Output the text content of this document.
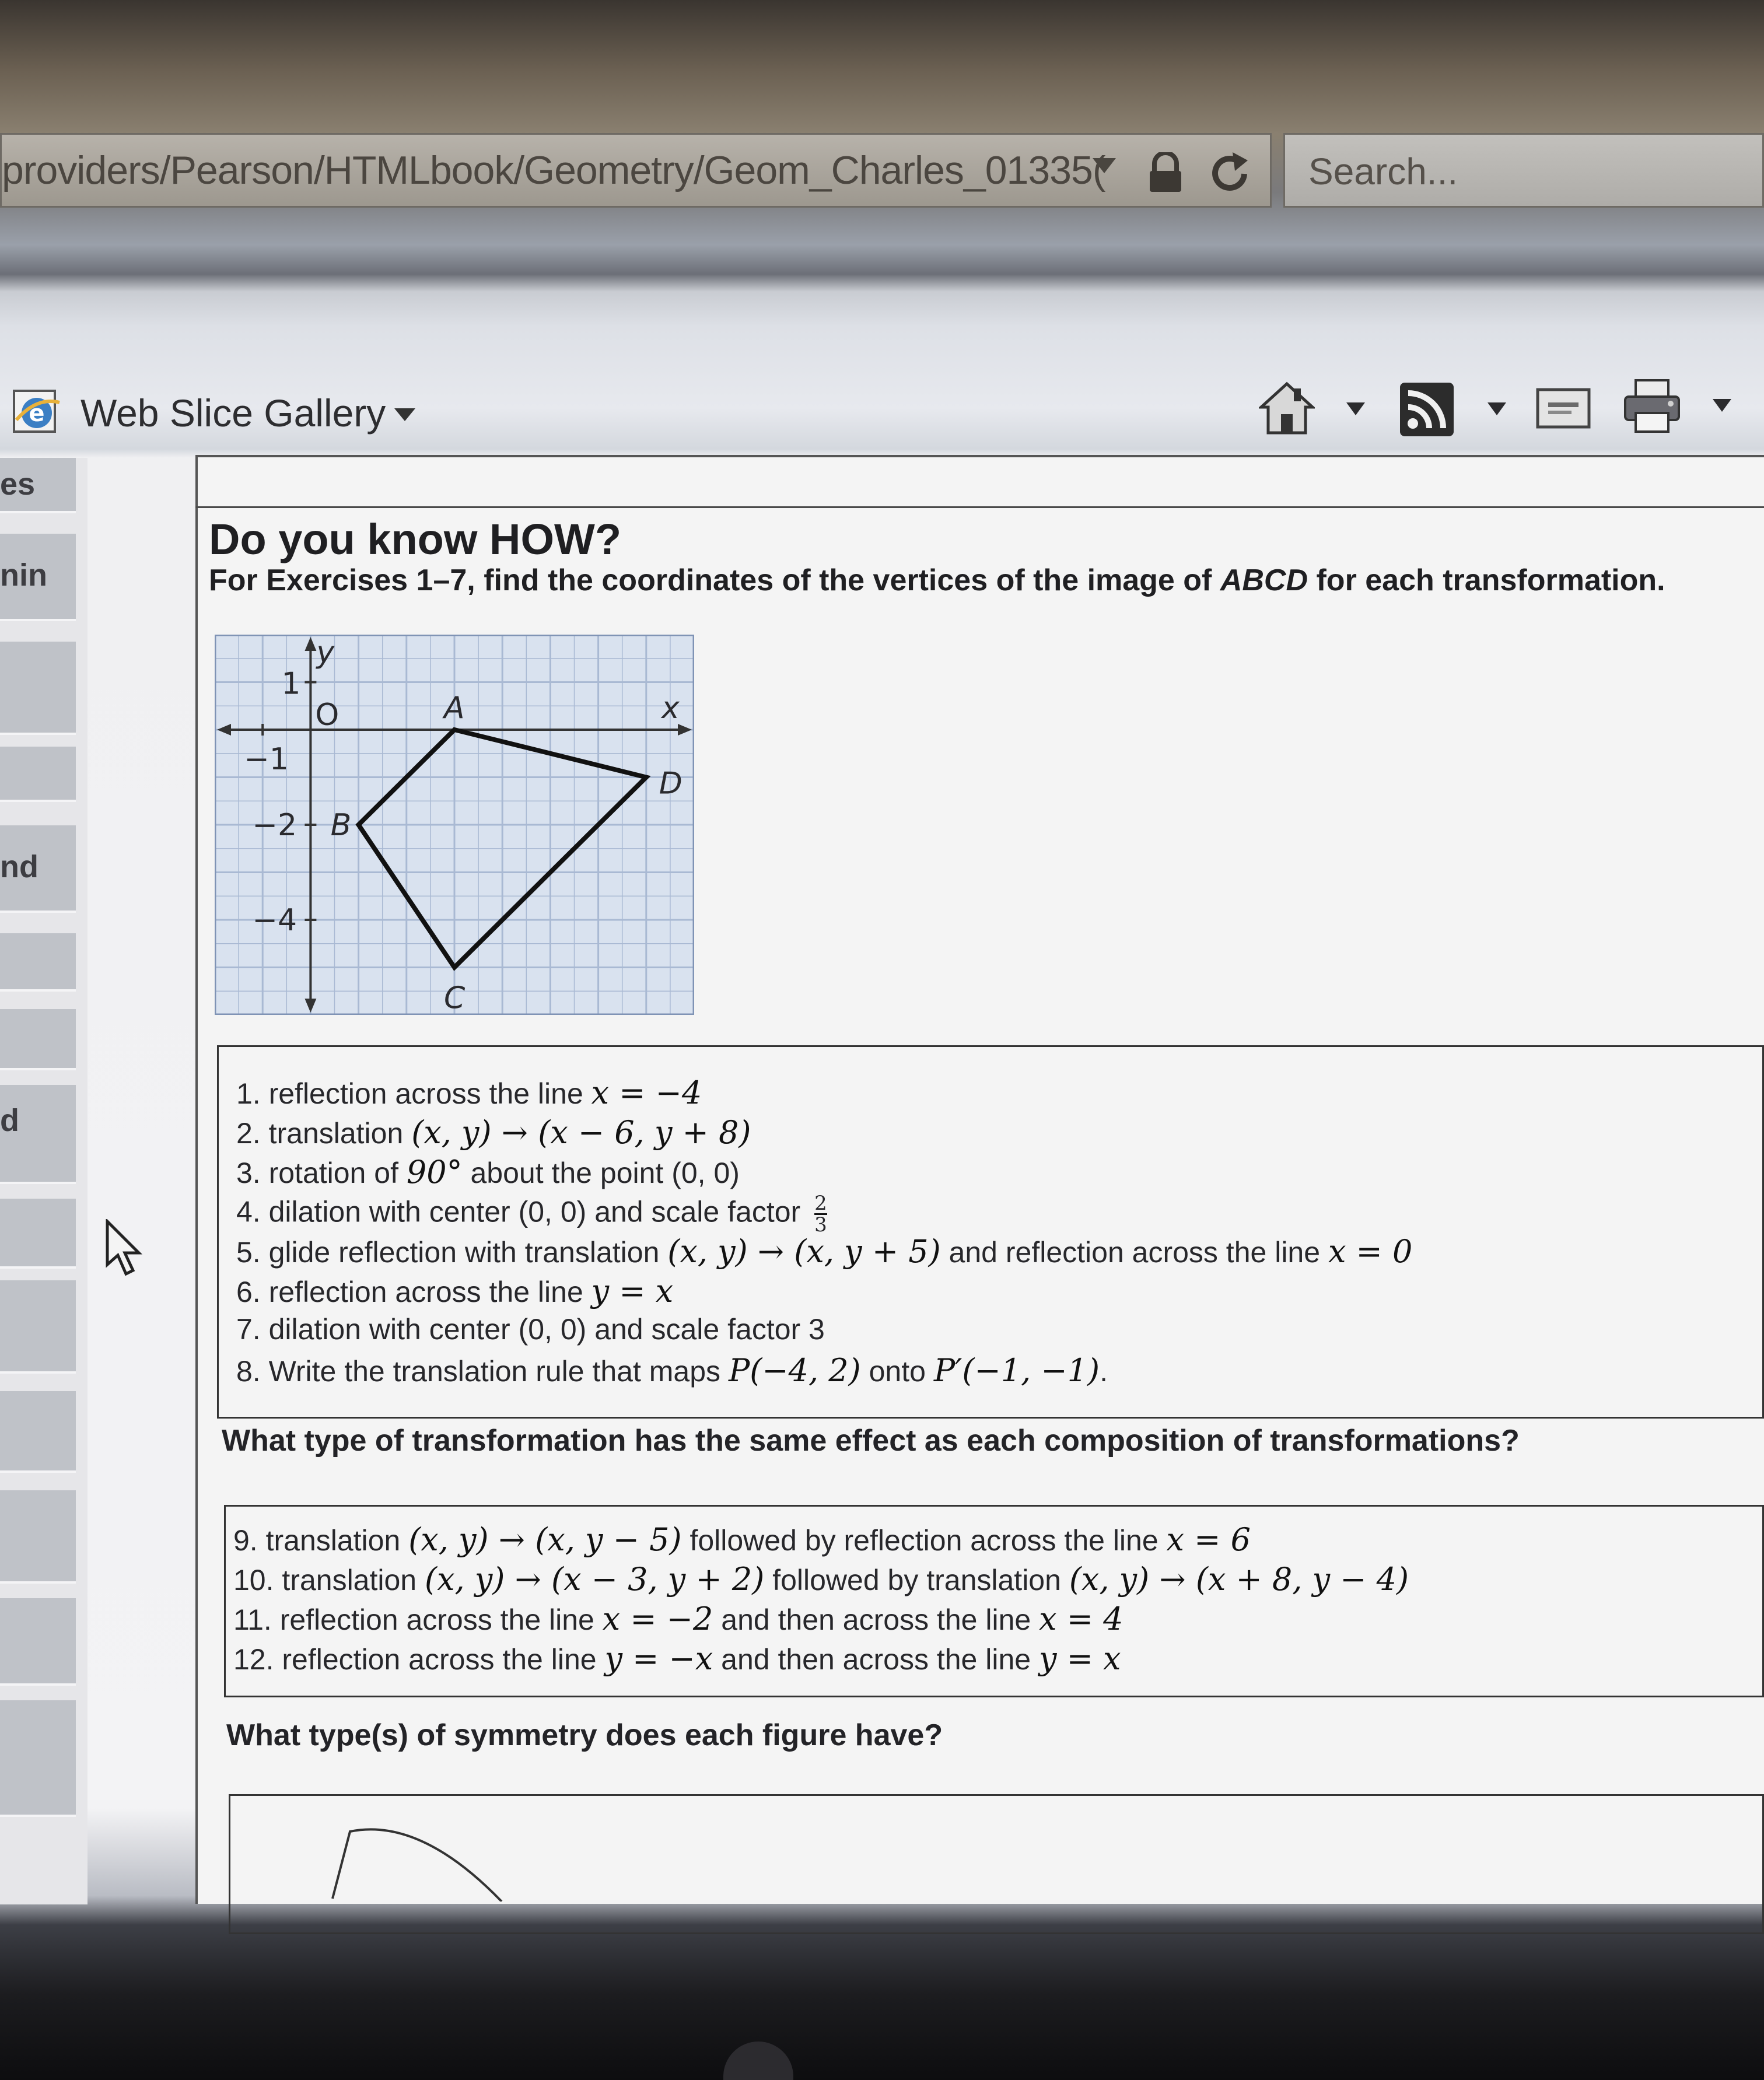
providers/Pearson/HTMLbook/Geometry/Geom_Charles_01335(	Search...
e Web Slice Gallery
es
nin
nd
d
Do you know HOW?
For Exercises 1–7, find the coordinates of the vertices of the image of ABCD for each transformation.
y
x
O
−1
1
−2
−4
A
B
C
D
1. reflection across the line x = −4
2. translation (x, y) → (x − 6, y + 8)
3. rotation of 90° about the point (0, 0)
4. dilation with center (0, 0) and scale factor $\frac{2}{3}$
5. glide reflection with translation (x, y) → (x, y + 5) and reflection across the line x = 0
6. reflection across the line y = x
7. dilation with center (0, 0) and scale factor 3
8. Write the translation rule that maps P(−4, 2) onto P′(−1, −1).
What type of transformation has the same effect as each composition of transformations?
9. translation (x, y) → (x, y − 5) followed by reflection across the line x = 6
10. translation (x, y) → (x − 3, y + 2) followed by translation (x, y) → (x + 8, y − 4)
11. reflection across the line x = −2 and then across the line x = 4
12. reflection across the line y = −x and then across the line y = x
What type(s) of symmetry does each figure have?
